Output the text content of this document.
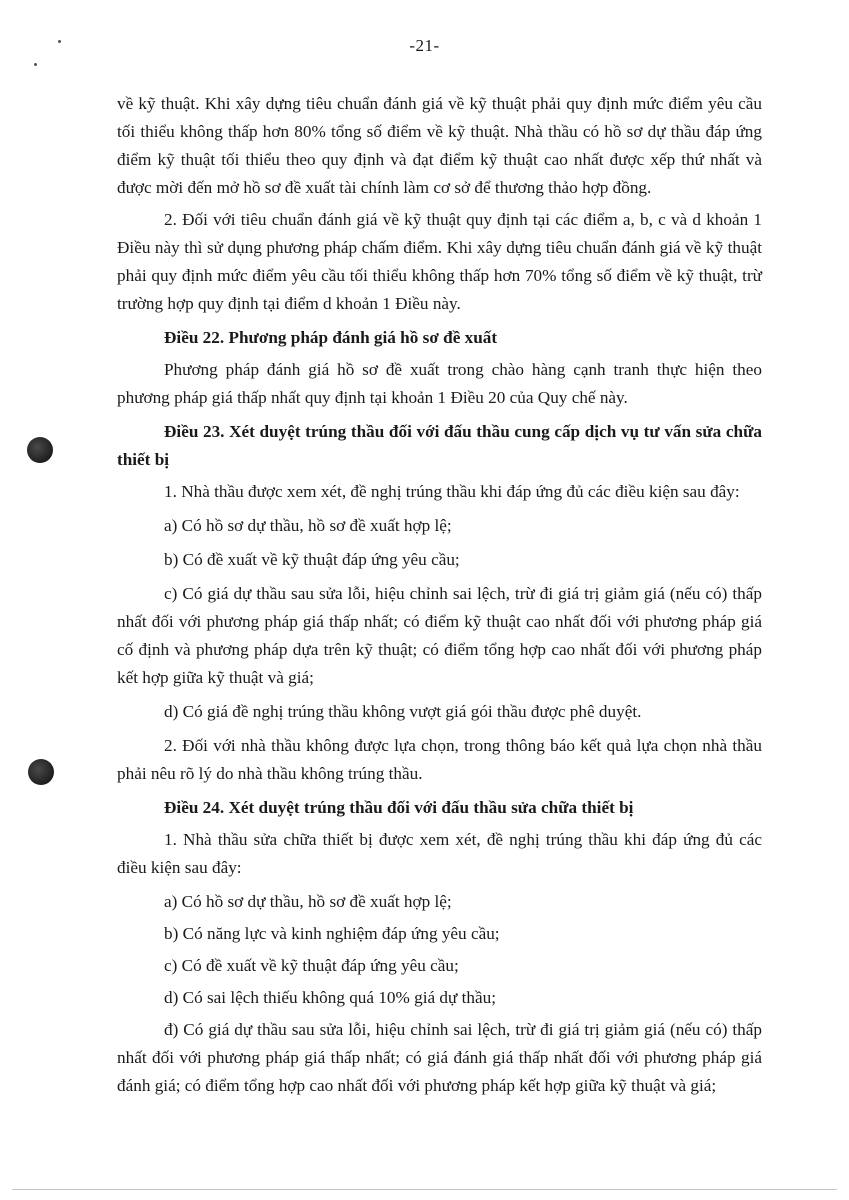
-21-

về kỹ thuật. Khi xây dựng tiêu chuẩn đánh giá về kỹ thuật phải quy định mức điểm yêu cầu tối thiểu không thấp hơn 80% tổng số điểm về kỹ thuật. Nhà thầu có hồ sơ dự thầu đáp ứng điểm kỹ thuật tối thiểu theo quy định và đạt điểm kỹ thuật cao nhất được xếp thứ nhất và được mời đến mở hồ sơ đề xuất tài chính làm cơ sở để thương thảo hợp đồng.

2. Đối với tiêu chuẩn đánh giá về kỹ thuật quy định tại các điểm a, b, c và d khoản 1 Điều này thì sử dụng phương pháp chấm điểm. Khi xây dựng tiêu chuẩn đánh giá về kỹ thuật phải quy định mức điểm yêu cầu tối thiểu không thấp hơn 70% tổng số điểm về kỹ thuật, trừ trường hợp quy định tại điểm d khoản 1 Điều này.

Điều 22. Phương pháp đánh giá hồ sơ đề xuất

Phương pháp đánh giá hồ sơ đề xuất trong chào hàng cạnh tranh thực hiện theo phương pháp giá thấp nhất quy định tại khoản 1 Điều 20 của Quy chế này.

Điều 23. Xét duyệt trúng thầu đối với đấu thầu cung cấp dịch vụ tư vấn sửa chữa thiết bị

1. Nhà thầu được xem xét, đề nghị trúng thầu khi đáp ứng đủ các điều kiện sau đây:

a) Có hồ sơ dự thầu, hồ sơ đề xuất hợp lệ;

b) Có đề xuất về kỹ thuật đáp ứng yêu cầu;

c) Có giá dự thầu sau sửa lỗi, hiệu chỉnh sai lệch, trừ đi giá trị giảm giá (nếu có) thấp nhất đối với phương pháp giá thấp nhất; có điểm kỹ thuật cao nhất đối với phương pháp giá cố định và phương pháp dựa trên kỹ thuật; có điểm tổng hợp cao nhất đối với phương pháp kết hợp giữa kỹ thuật và giá;

d) Có giá đề nghị trúng thầu không vượt giá gói thầu được phê duyệt.

2. Đối với nhà thầu không được lựa chọn, trong thông báo kết quả lựa chọn nhà thầu phải nêu rõ lý do nhà thầu không trúng thầu.

Điều 24. Xét duyệt trúng thầu đối với đấu thầu sửa chữa thiết bị

1. Nhà thầu sửa chữa thiết bị được xem xét, đề nghị trúng thầu khi đáp ứng đủ các điều kiện sau đây:

a) Có hồ sơ dự thầu, hồ sơ đề xuất hợp lệ;

b) Có năng lực và kinh nghiệm đáp ứng yêu cầu;

c) Có đề xuất về kỹ thuật đáp ứng yêu cầu;

d) Có sai lệch thiếu không quá 10% giá dự thầu;

đ) Có giá dự thầu sau sửa lỗi, hiệu chỉnh sai lệch, trừ đi giá trị giảm giá (nếu có) thấp nhất đối với phương pháp giá thấp nhất; có giá đánh giá thấp nhất đối với phương pháp giá đánh giá; có điểm tổng hợp cao nhất đối với phương pháp kết hợp giữa kỹ thuật và giá;
